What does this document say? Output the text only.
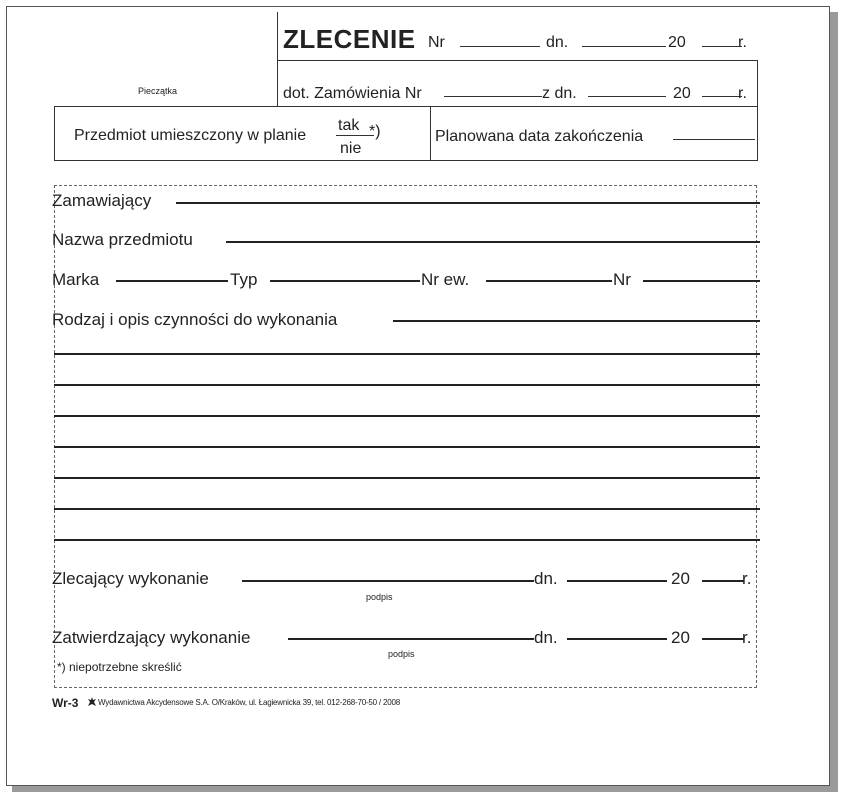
ZLECENIE Nr	dn.	20	r.
Pieczątka	dot. Zamówienia Nr	z dn.	20	r.
Przedmiot umieszczony w planie
tak
nie
*)	Planowana data zakończenia
Zamawiający
Nazwa przedmiotu
Marka	Typ	Nr ew.	Nr
Rodzaj i opis czynności do wykonania
Zlecający wykonanie
podpis
dn.	20	r.
Zatwierdzający wykonanie
podpis
dn.	20	r.
*) niepotrzebne skreślić
Wr-3 Wydawnictwa Akcydensowe S.A. O/Kraków, ul. Łagiewnicka 39, tel. 012-268-70-50 / 2008
